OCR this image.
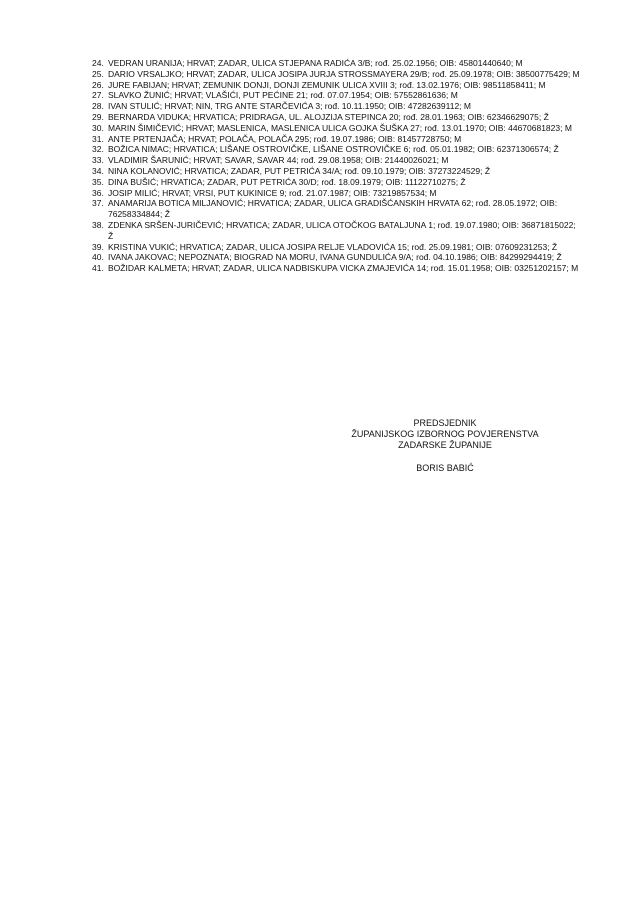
24. VEDRAN URANIJA; HRVAT; ZADAR, ULICA STJEPANA RADIĆA 3/B; rođ. 25.02.1956; OIB: 45801440640; M
25. DARIO VRSALJKO; HRVAT; ZADAR, ULICA JOSIPA JURJA STROSSMAYERA 29/B; rođ. 25.09.1978; OIB: 38500775429; M
26. JURE FABIJAN; HRVAT; ZEMUNIK DONJI, DONJI ZEMUNIK ULICA XVIII 3; rođ. 13.02.1976; OIB: 98511858411; M
27. SLAVKO ŽUNIĆ; HRVAT; VLAŠIĆI, PUT PEĆINE 21; rođ. 07.07.1954; OIB: 57552861636; M
28. IVAN STULIĆ; HRVAT; NIN, TRG ANTE STARČEVIĆA 3; rođ. 10.11.1950; OIB: 47282639112; M
29. BERNARDA VIDUKA; HRVATICA; PRIDRAGA, UL. ALOJZIJA STEPINCA 20; rođ. 28.01.1963; OIB: 62346629075; Ž
30. MARIN ŠIMIČEVIĆ; HRVAT; MASLENICA, MASLENICA ULICA GOJKA ŠUŠKA 27; rođ. 13.01.1970; OIB: 44670681823; M
31. ANTE PRTENJAČA; HRVAT; POLAČA, POLAČA 295; rođ. 19.07.1986; OIB: 81457728750; M
32. BOŽICA NIMAC; HRVATICA; LIŠANE OSTROVIČKE, LIŠANE OSTROVIČKE 6; rođ. 05.01.1982; OIB: 62371306574; Ž
33. VLADIMIR ŠARUNIĆ; HRVAT; SAVAR, SAVAR 44; rođ. 29.08.1958; OIB: 21440026021; M
34. NINA KOLANOVIĆ; HRVATICA; ZADAR, PUT PETRIĆA 34/A; rođ. 09.10.1979; OIB: 37273224529; Ž
35. DINA BUŠIĆ; HRVATICA; ZADAR, PUT PETRIĆA 30/D; rođ. 18.09.1979; OIB: 11122710275; Ž
36. JOSIP MILIĆ; HRVAT; VRSI, PUT KUKINICE 9; rođ. 21.07.1987; OIB: 73219857534; M
37. ANAMARIJA BOTICA MILJANOVIĆ; HRVATICA; ZADAR, ULICA GRADIŠĆANSKIH HRVATA 62; rođ. 28.05.1972; OIB: 76258334844; Ž
38. ZDENKA SRŠEN-JURIČEVIĆ; HRVATICA; ZADAR, ULICA OTOČKOG BATALJUNA 1; rođ. 19.07.1980; OIB: 36871815022; Ž
39. KRISTINA VUKIĆ; HRVATICA; ZADAR, ULICA JOSIPA RELJE VLADOVIĆA 15; rođ. 25.09.1981; OIB: 07609231253; Ž
40. IVANA JAKOVAC; NEPOZNATA; BIOGRAD NA MORU, IVANA GUNDULIĆA 9/A; rođ. 04.10.1986; OIB: 84299294419; Ž
41. BOŽIDAR KALMETA; HRVAT; ZADAR, ULICA NADBISKUPA VICKA ZMAJEVIĆA 14; rođ. 15.01.1958; OIB: 03251202157; M
PREDSJEDNIK
ŽUPANIJSKOG IZBORNOG POVJERENSTVA
ZADARSKE ŽUPANIJE
BORIS BABIĆ
